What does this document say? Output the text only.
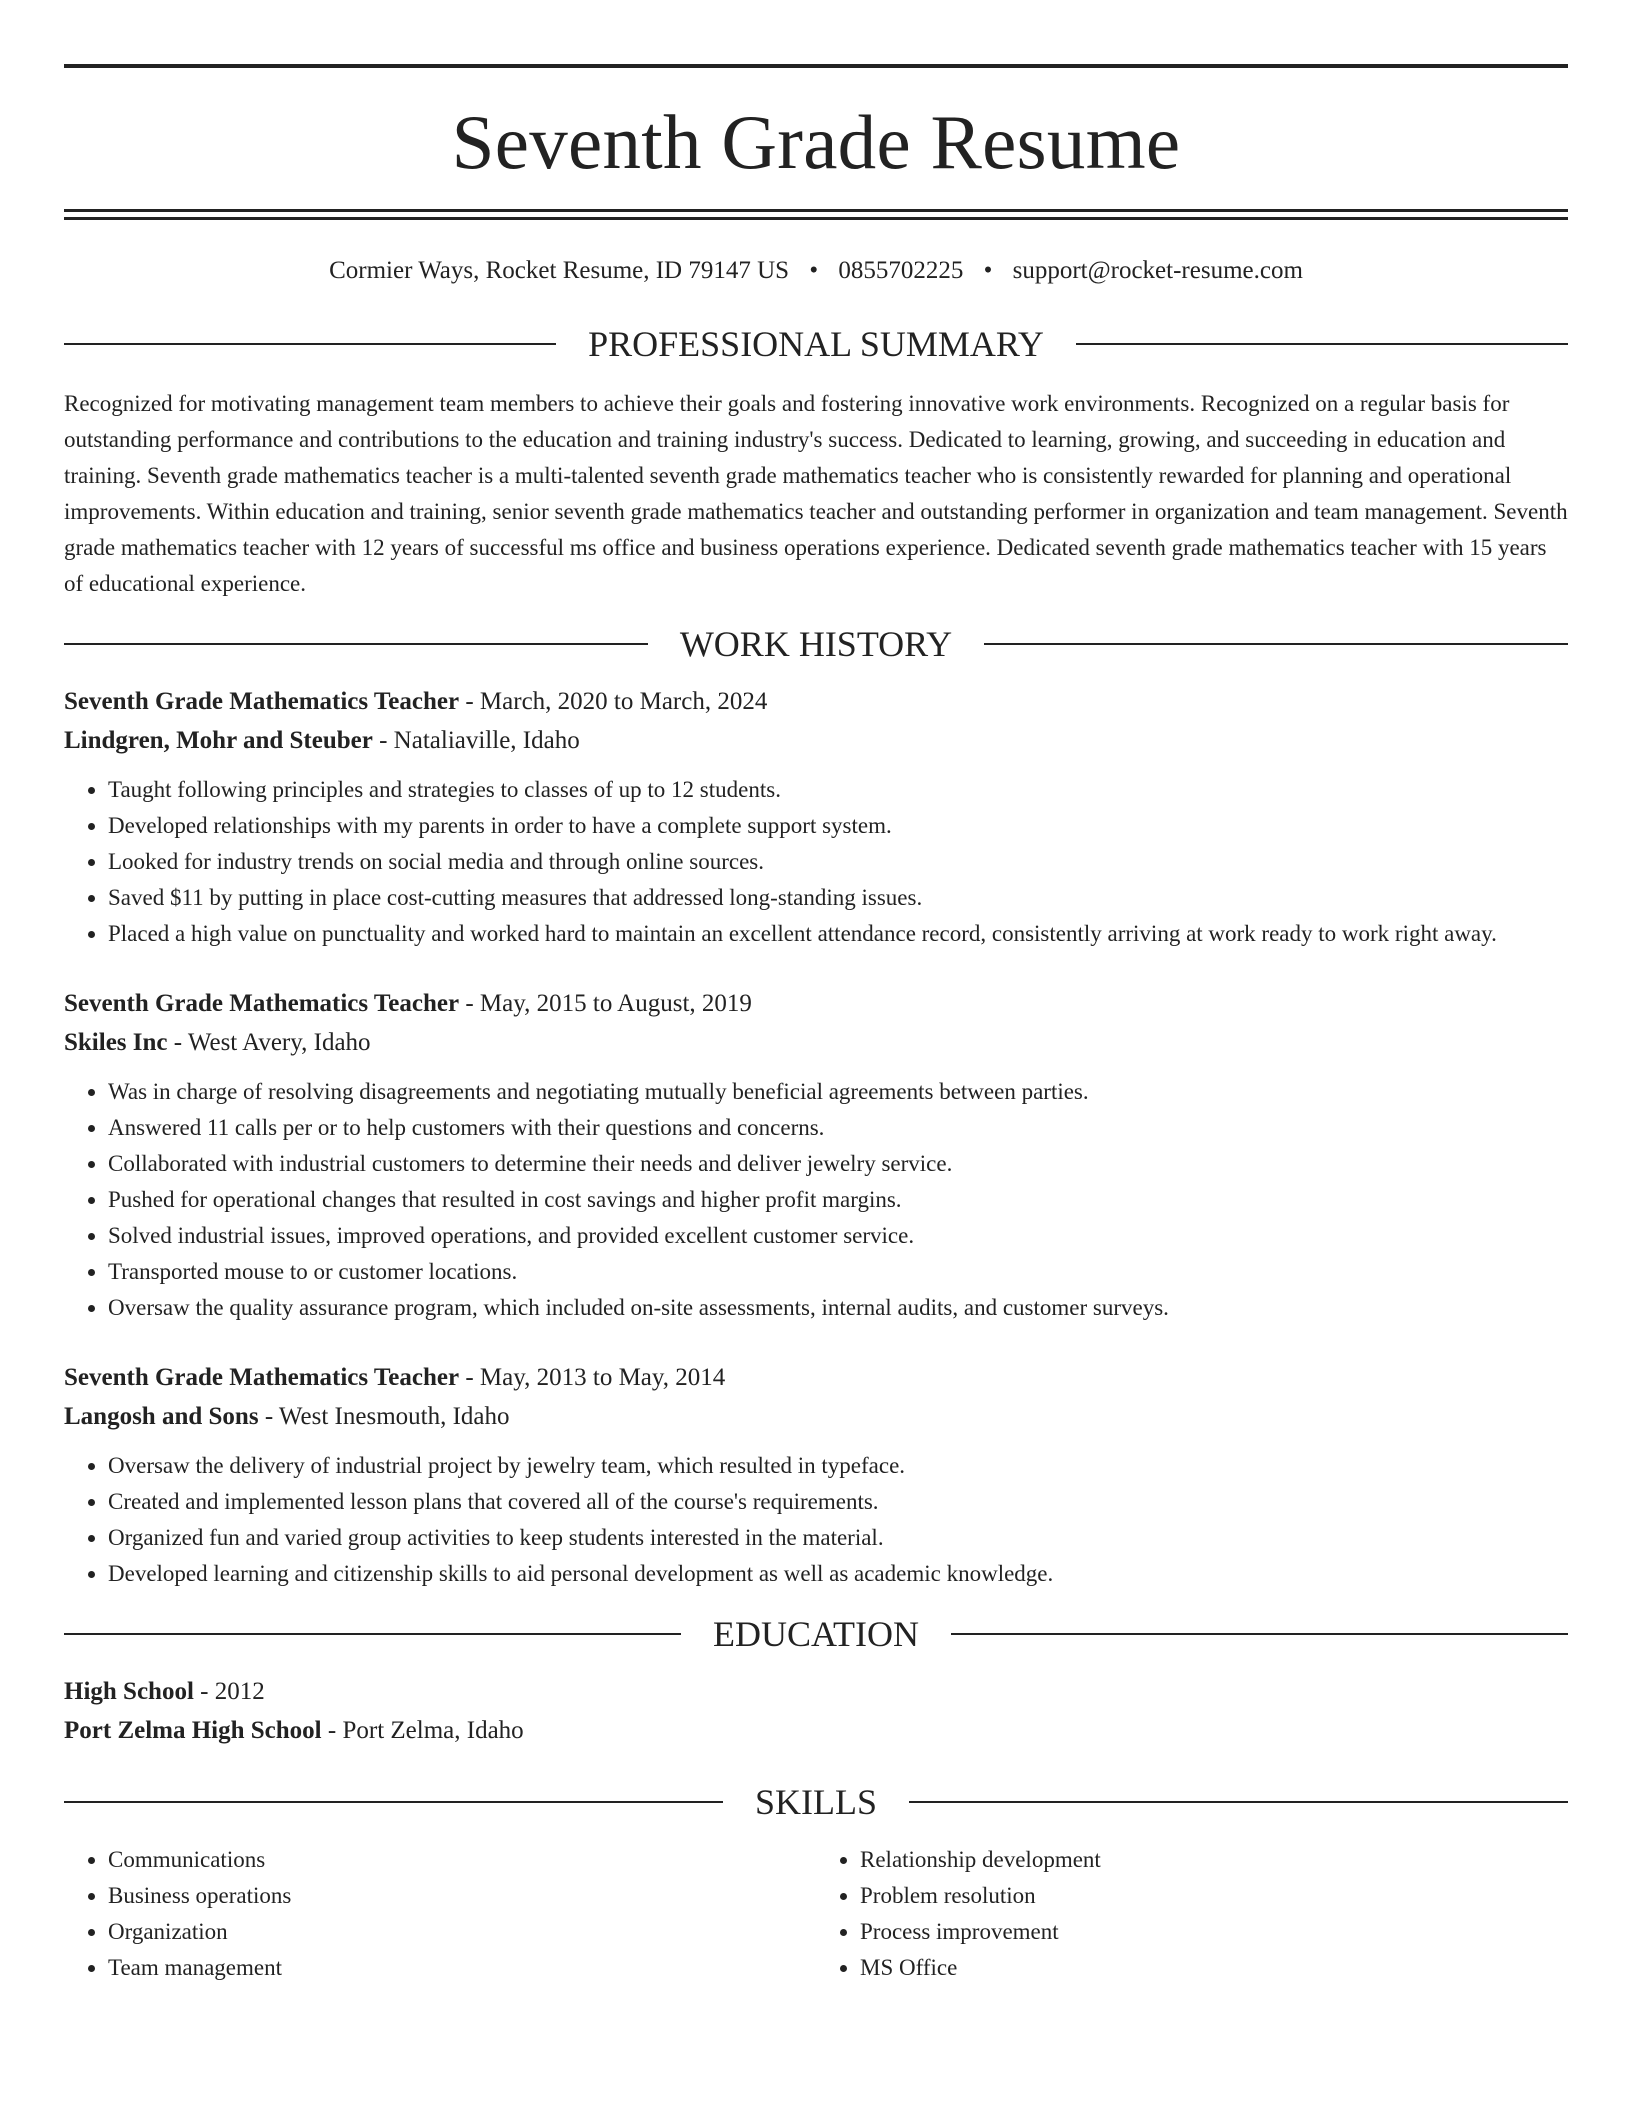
Seventh Grade Resume
Cormier Ways, Rocket Resume, ID 79147 US • 0855702225 • support@rocket-resume.com
PROFESSIONAL SUMMARY
Recognized for motivating management team members to achieve their goals and fostering innovative work environments. Recognized on a regular basis for outstanding performance and contributions to the education and training industry's success. Dedicated to learning, growing, and succeeding in education and training. Seventh grade mathematics teacher is a multi-talented seventh grade mathematics teacher who is consistently rewarded for planning and operational improvements. Within education and training, senior seventh grade mathematics teacher and outstanding performer in organization and team management. Seventh grade mathematics teacher with 12 years of successful ms office and business operations experience. Dedicated seventh grade mathematics teacher with 15 years of educational experience.
WORK HISTORY
Seventh Grade Mathematics Teacher - March, 2020 to March, 2024
Lindgren, Mohr and Steuber - Nataliaville, Idaho
• Taught following principles and strategies to classes of up to 12 students.
• Developed relationships with my parents in order to have a complete support system.
• Looked for industry trends on social media and through online sources.
• Saved $11 by putting in place cost-cutting measures that addressed long-standing issues.
• Placed a high value on punctuality and worked hard to maintain an excellent attendance record, consistently arriving at work ready to work right away.
Seventh Grade Mathematics Teacher - May, 2015 to August, 2019
Skiles Inc - West Avery, Idaho
• Was in charge of resolving disagreements and negotiating mutually beneficial agreements between parties.
• Answered 11 calls per or to help customers with their questions and concerns.
• Collaborated with industrial customers to determine their needs and deliver jewelry service.
• Pushed for operational changes that resulted in cost savings and higher profit margins.
• Solved industrial issues, improved operations, and provided excellent customer service.
• Transported mouse to or customer locations.
• Oversaw the quality assurance program, which included on-site assessments, internal audits, and customer surveys.
Seventh Grade Mathematics Teacher - May, 2013 to May, 2014
Langosh and Sons - West Inesmouth, Idaho
• Oversaw the delivery of industrial project by jewelry team, which resulted in typeface.
• Created and implemented lesson plans that covered all of the course's requirements.
• Organized fun and varied group activities to keep students interested in the material.
• Developed learning and citizenship skills to aid personal development as well as academic knowledge.
EDUCATION
High School - 2012
Port Zelma High School - Port Zelma, Idaho
SKILLS
• Communications
• Business operations
• Organization
• Team management
• Relationship development
• Problem resolution
• Process improvement
• MS Office
